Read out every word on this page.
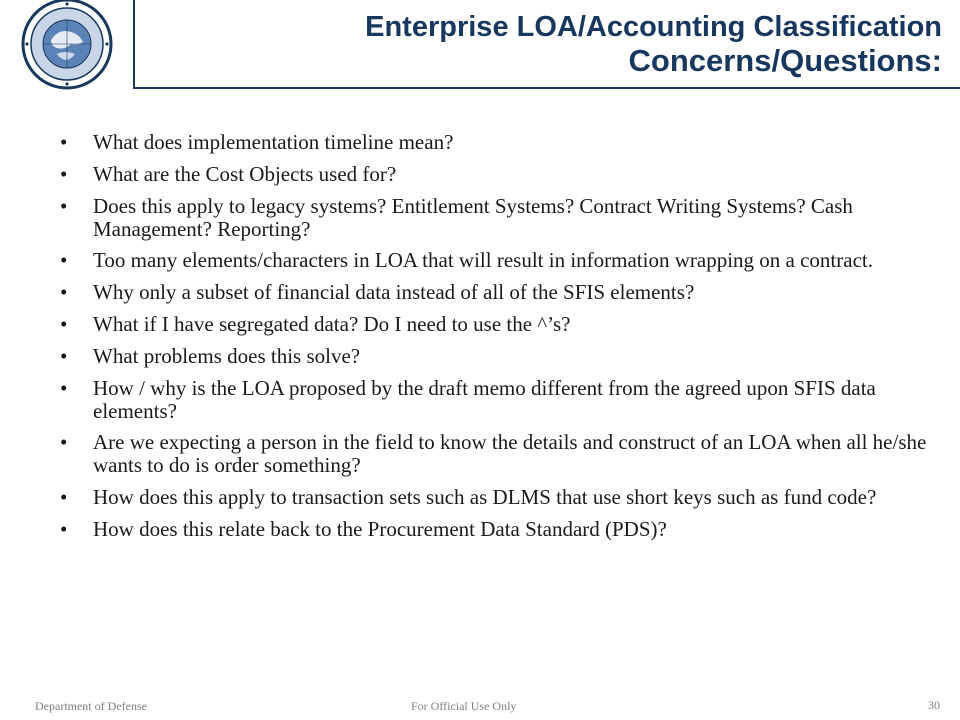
Enterprise LOA/Accounting Classification
Concerns/Questions:
• What does implementation timeline mean?
• What are the Cost Objects used for?
• Does this apply to legacy systems? Entitlement Systems? Contract Writing Systems? Cash Management? Reporting?
• Too many elements/characters in LOA that will result in information wrapping on a contract.
• Why only a subset of financial data instead of all of the SFIS elements?
• What if I have segregated data? Do I need to use the ^’s?
• What problems does this solve?
• How / why is the LOA proposed by the draft memo different from the agreed upon SFIS data elements?
• Are we expecting a person in the field to know the details and construct of an LOA when all he/she wants to do is order something?
• How does this apply to transaction sets such as DLMS that use short keys such as fund code?
• How does this relate back to the Procurement Data Standard (PDS)?
Department of Defense	For Official Use Only	30
